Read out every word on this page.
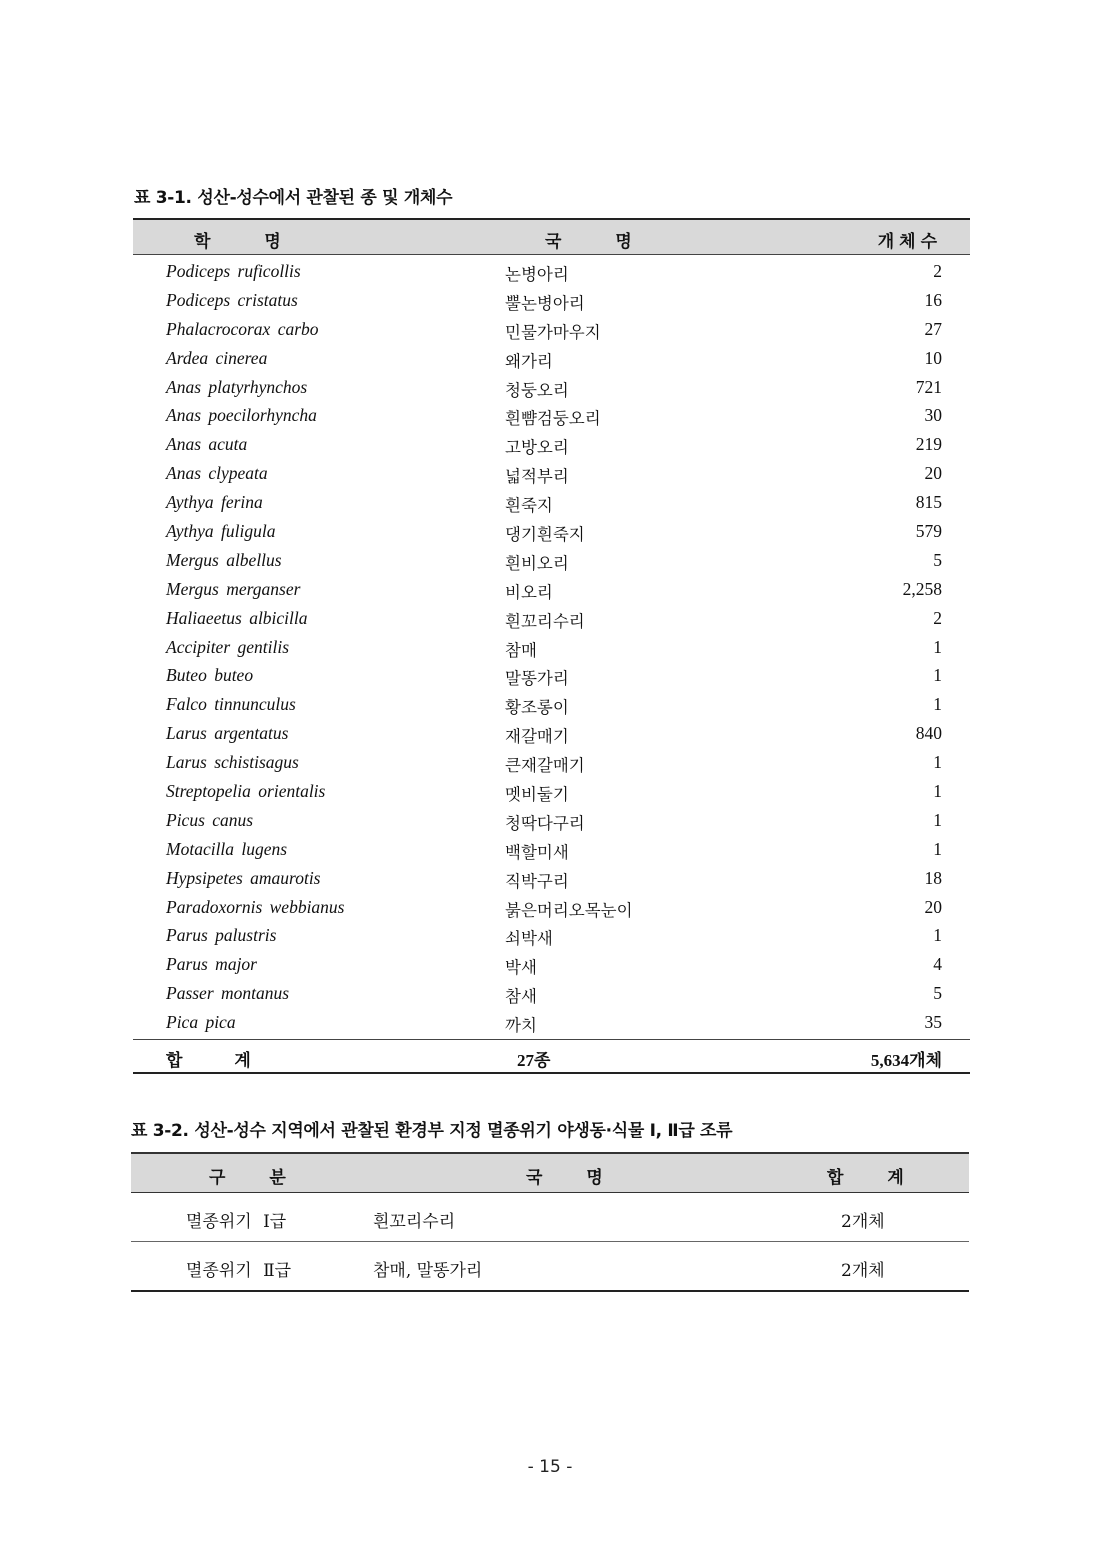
표 3-1. 성산-성수에서 관찰된 종 및 개체수
학 명	국 명	개체수
Podiceps ruficollis	논병아리	2
Podiceps cristatus	뿔논병아리	16
Phalacrocorax carbo	민물가마우지	27
Ardea cinerea	왜가리	10
Anas platyrhynchos	청둥오리	721
Anas poecilorhyncha	흰뺨검둥오리	30
Anas acuta	고방오리	219
Anas clypeata	넓적부리	20
Aythya ferina	흰죽지	815
Aythya fuligula	댕기흰죽지	579
Mergus albellus	흰비오리	5
Mergus merganser	비오리	2,258
Haliaeetus albicilla	흰꼬리수리	2
Accipiter gentilis	참매	1
Buteo buteo	말똥가리	1
Falco tinnunculus	황조롱이	1
Larus argentatus	재갈매기	840
Larus schistisagus	큰재갈매기	1
Streptopelia orientalis	멧비둘기	1
Picus canus	청딱다구리	1
Motacilla lugens	백할미새	1
Hypsipetes amaurotis	직박구리	18
Paradoxornis webbianus	붉은머리오목눈이	20
Parus palustris	쇠박새	1
Parus major	박새	4
Passer montanus	참새	5
Pica pica	까치	35
합 계	27종	5,634개체
표 3-2. 성산-성수 지역에서 관찰된 환경부 지정 멸종위기 야생동·식물 Ⅰ, Ⅱ급 조류
구 분	국 명	합 계
멸종위기 Ⅰ급	흰꼬리수리	2개체
멸종위기 Ⅱ급	참매, 말똥가리	2개체
- 15 -
